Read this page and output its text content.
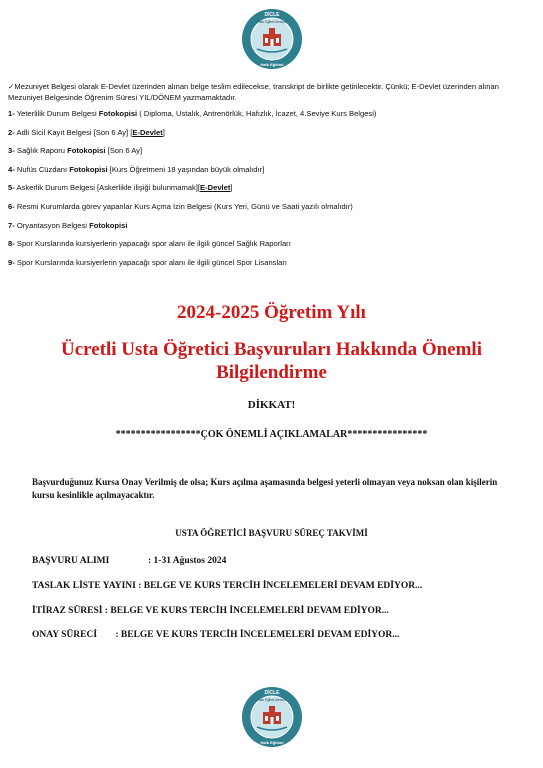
DİCLE
Halk Eğitimi
Halk Eğitimi Merkezi
✓Mezuniyet Belgesi olarak E-Devlet üzerinden alınan belge teslim edilecekse, transkript de birlikte getirilecektir. Çünkü; E-Devlet üzerinden alınan Mezuniyet Belgesinde Öğrenim Süresi YIL/DÖNEM yazmamaktadır.
1- Yeterlilik Durum Belgesi Fotokopisi ( Diploma, Ustalık, Antrenörlük, Hafızlık, İcazet, 4.Seviye Kurs Belgesi)
2- Adli Sicil Kayıt Belgesi [Son 6 Ay] [E-Devlet]
3- Sağlık Raporu Fotokopisi [Son 6 Ay]
4- Nufüs Cüzdanı Fotokopisi [Kurs Öğretmeni 18 yaşından büyük olmalıdır]
5- Askerlik Durum Belgesi [Askerlikle ilişiği bulunmamak][E-Devlet]
6- Resmi Kurumlarda görev yapanlar Kurs Açma İzin Belgesi (Kurs Yeri, Günü ve Saati yazılı olmalıdır)
7- Oryantasyon Belgesi Fotokopisi
8- Spor Kurslarında kursiyerlerin yapacağı spor alanı ile ilgili güncel Sağlık Raporları
9- Spor Kurslarında kursiyerlerin yapacağı spor alanı ile ilgili güncel Spor Lisansları
2024-2025 Öğretim Yılı
Ücretli Usta Öğretici Başvuruları Hakkında Önemli Bilgilendirme
DİKKAT!
*****************ÇOK ÖNEMLİ AÇIKLAMALAR****************
Başvurduğunuz Kursa Onay Verilmiş de olsa; Kurs açılma aşamasında belgesi yeterli olmayan veya noksan olan kişilerin kursu kesinlikle açılmayacaktır.
USTA ÖĞRETİCİ BAŞVURU SÜREÇ TAKVİMİ
BAŞVURU ALIMI	: 1-31 Ağustos 2024
TASLAK LİSTE YAYINI : BELGE VE KURS TERCİH İNCELEMELERİ DEVAM EDİYOR...
İTİRAZ SÜRESİ : BELGE VE KURS TERCİH İNCELEMELERİ DEVAM EDİYOR...
ONAY SÜRECİ : BELGE VE KURS TERCİH İNCELEMELERİ DEVAM EDİYOR...
DİCLE
Halk Eğitimi
Halk Eğitimi Merkezi
